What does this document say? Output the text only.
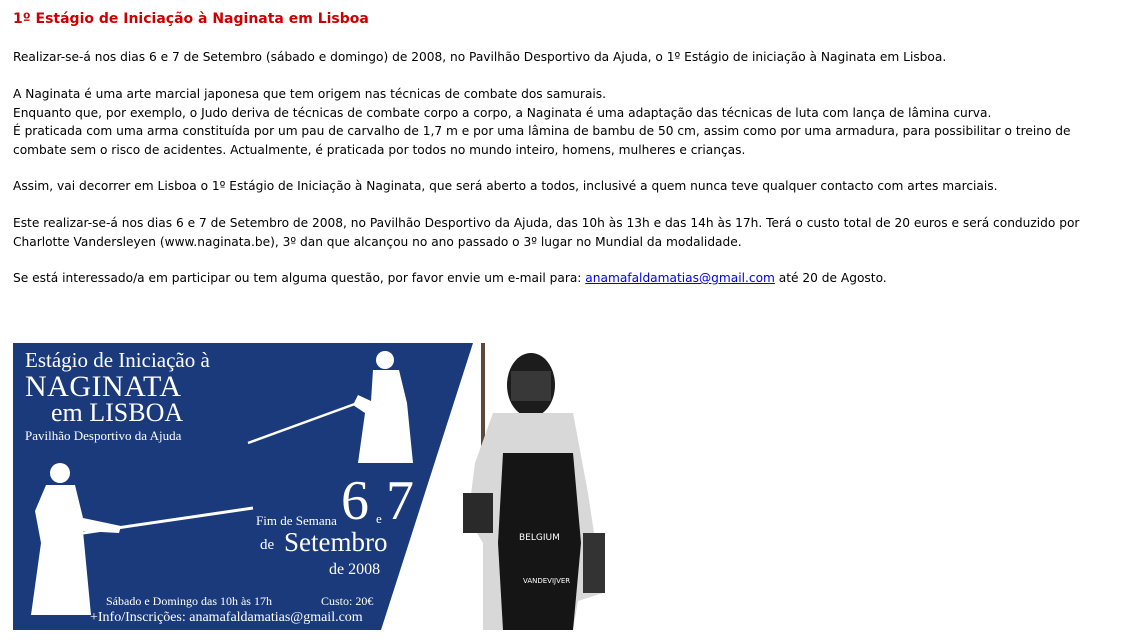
1º Estágio de Iniciação à Naginata em Lisboa

Realizar-se-á nos dias 6 e 7 de Setembro (sábado e domingo) de 2008, no Pavilhão Desportivo da Ajuda, o 1º Estágio de iniciação à Naginata em Lisboa.

A Naginata é uma arte marcial japonesa que tem origem nas técnicas de combate dos samurais.
Enquanto que, por exemplo, o Judo deriva de técnicas de combate corpo a corpo, a Naginata é uma adaptação das técnicas de luta com lança de lâmina curva.
É praticada com uma arma constituída por um pau de carvalho de 1,7 m e por uma lâmina de bambu de 50 cm, assim como por uma armadura, para possibilitar o treino de
combate sem o risco de acidentes. Actualmente, é praticada por todos no mundo inteiro, homens, mulheres e crianças.

Assim, vai decorrer em Lisboa o 1º Estágio de Iniciação à Naginata, que será aberto a todos, inclusivé a quem nunca teve qualquer contacto com artes marciais.

Este realizar-se-á nos dias 6 e 7 de Setembro de 2008, no Pavilhão Desportivo da Ajuda, das 10h às 13h e das 14h às 17h. Terá o custo total de 20 euros e será conduzido por
Charlotte Vandersleyen (www.naginata.be), 3º dan que alcançou no ano passado o 3º lugar no Mundial da modalidade.

Se está interessado/a em participar ou tem alguma questão, por favor envie um e-mail para: anamafaldamatias@gmail.com até 20 de Agosto.

Estágio de Iniciação à
NAGINATA
em LISBOA
Pavilhão Desportivo da Ajuda
Fim de Semana 6 e 7
de Setembro
de 2008
Sábado e Domingo das 10h às 17h	Custo: 20€
+Info/Inscrições: anamafaldamatias@gmail.com
BELGIUM
VANDEVIJVER
